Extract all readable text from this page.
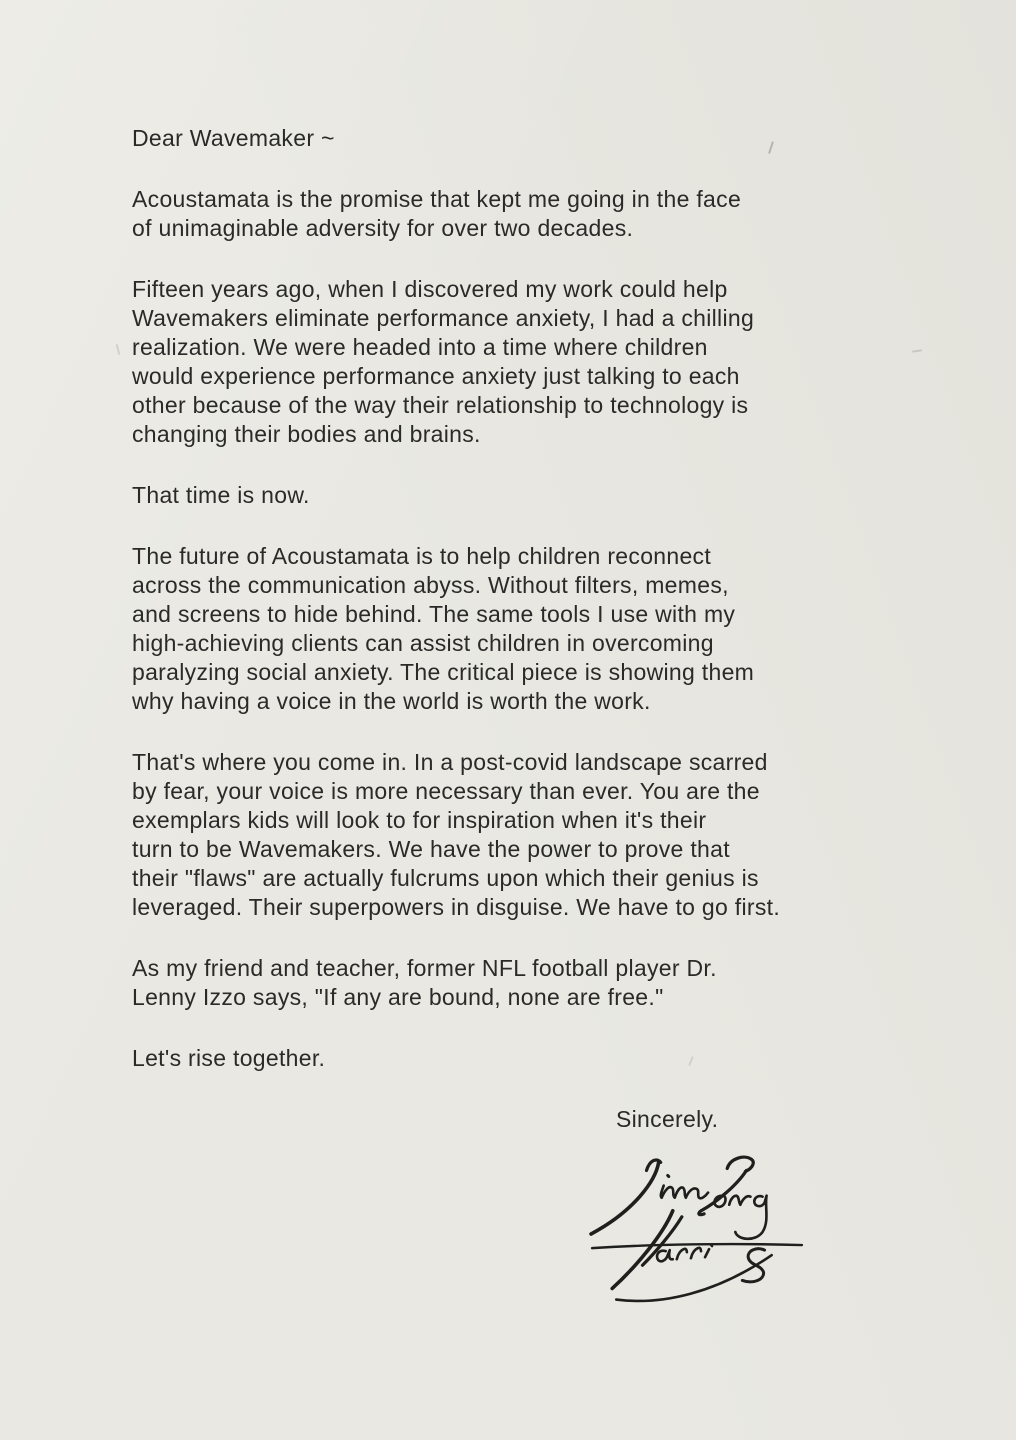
Dear Wavemaker ~
Acoustamata is the promise that kept me going in the face
of unimaginable adversity for over two decades.
Fifteen years ago, when I discovered my work could help
Wavemakers eliminate performance anxiety, I had a chilling
realization. We were headed into a time where children
would experience performance anxiety just talking to each
other because of the way their relationship to technology is
changing their bodies and brains.
That time is now.
The future of Acoustamata is to help children reconnect
across the communication abyss. Without filters, memes,
and screens to hide behind. The same tools I use with my
high-achieving clients can assist children in overcoming
paralyzing social anxiety. The critical piece is showing them
why having a voice in the world is worth the work.
That's where you come in. In a post-covid landscape scarred
by fear, your voice is more necessary than ever. You are the
exemplars kids will look to for inspiration when it's their
turn to be Wavemakers. We have the power to prove that
their "flaws" are actually fulcrums upon which their genius is
leveraged. Their superpowers in disguise. We have to go first.
As my friend and teacher, former NFL football player Dr.
Lenny Izzo says, "If any are bound, none are free."
Let's rise together.
Sincerely.
